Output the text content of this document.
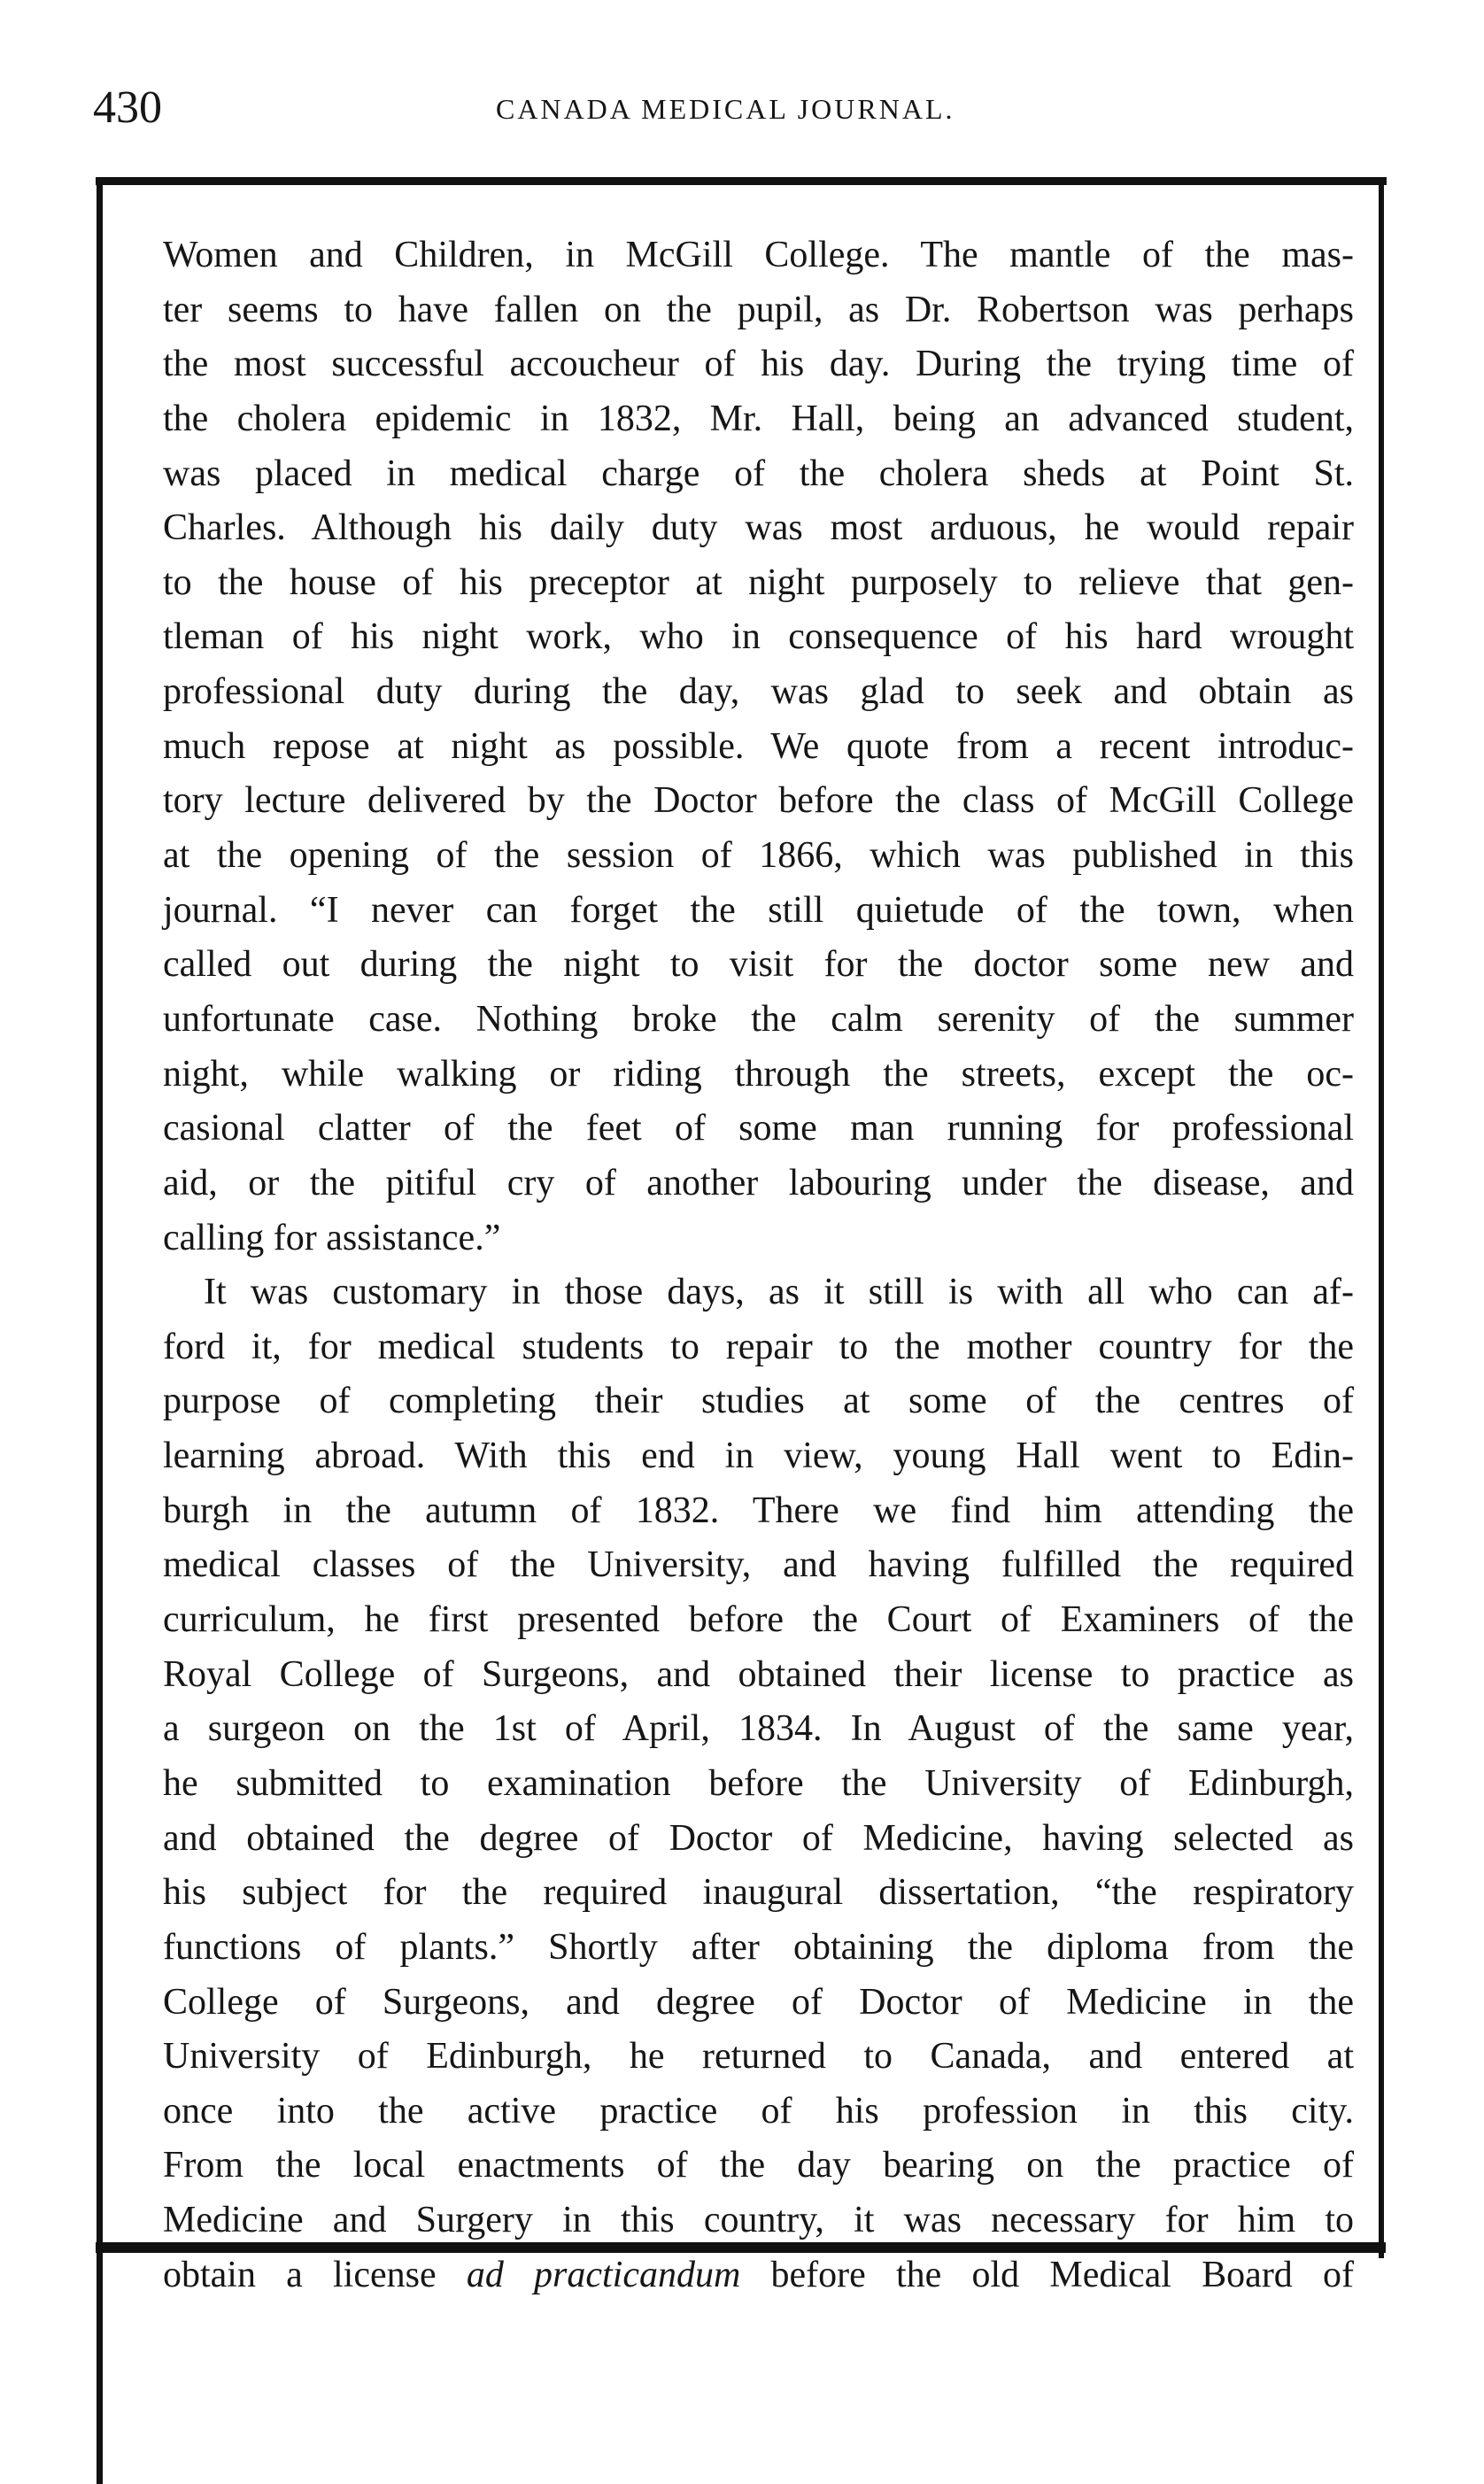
430	CANADA MEDICAL JOURNAL.
Women and Children, in McGill College. The mantle of the mas-
ter seems to have fallen on the pupil, as Dr. Robertson was perhaps
the most successful accoucheur of his day. During the trying time of
the cholera epidemic in 1832, Mr. Hall, being an advanced student,
was placed in medical charge of the cholera sheds at Point St.
Charles. Although his daily duty was most arduous, he would repair
to the house of his preceptor at night purposely to relieve that gen-
tleman of his night work, who in consequence of his hard wrought
professional duty during the day, was glad to seek and obtain as
much repose at night as possible. We quote from a recent introduc-
tory lecture delivered by the Doctor before the class of McGill College
at the opening of the session of 1866, which was published in this
journal. “I never can forget the still quietude of the town, when
called out during the night to visit for the doctor some new and
unfortunate case. Nothing broke the calm serenity of the summer
night, while walking or riding through the streets, except the oc-
casional clatter of the feet of some man running for professional
aid, or the pitiful cry of another labouring under the disease, and
calling for assistance.”
It was customary in those days, as it still is with all who can af-
ford it, for medical students to repair to the mother country for the
purpose of completing their studies at some of the centres of
learning abroad. With this end in view, young Hall went to Edin-
burgh in the autumn of 1832. There we find him attending the
medical classes of the University, and having fulfilled the required
curriculum, he first presented before the Court of Examiners of the
Royal College of Surgeons, and obtained their license to practice as
a surgeon on the 1st of April, 1834. In August of the same year,
he submitted to examination before the University of Edinburgh,
and obtained the degree of Doctor of Medicine, having selected as
his subject for the required inaugural dissertation, “the respiratory
functions of plants.” Shortly after obtaining the diploma from the
College of Surgeons, and degree of Doctor of Medicine in the
University of Edinburgh, he returned to Canada, and entered at
once into the active practice of his profession in this city.
From the local enactments of the day bearing on the practice of
Medicine and Surgery in this country, it was necessary for him to
obtain a license ad practicandum before the old Medical Board of
